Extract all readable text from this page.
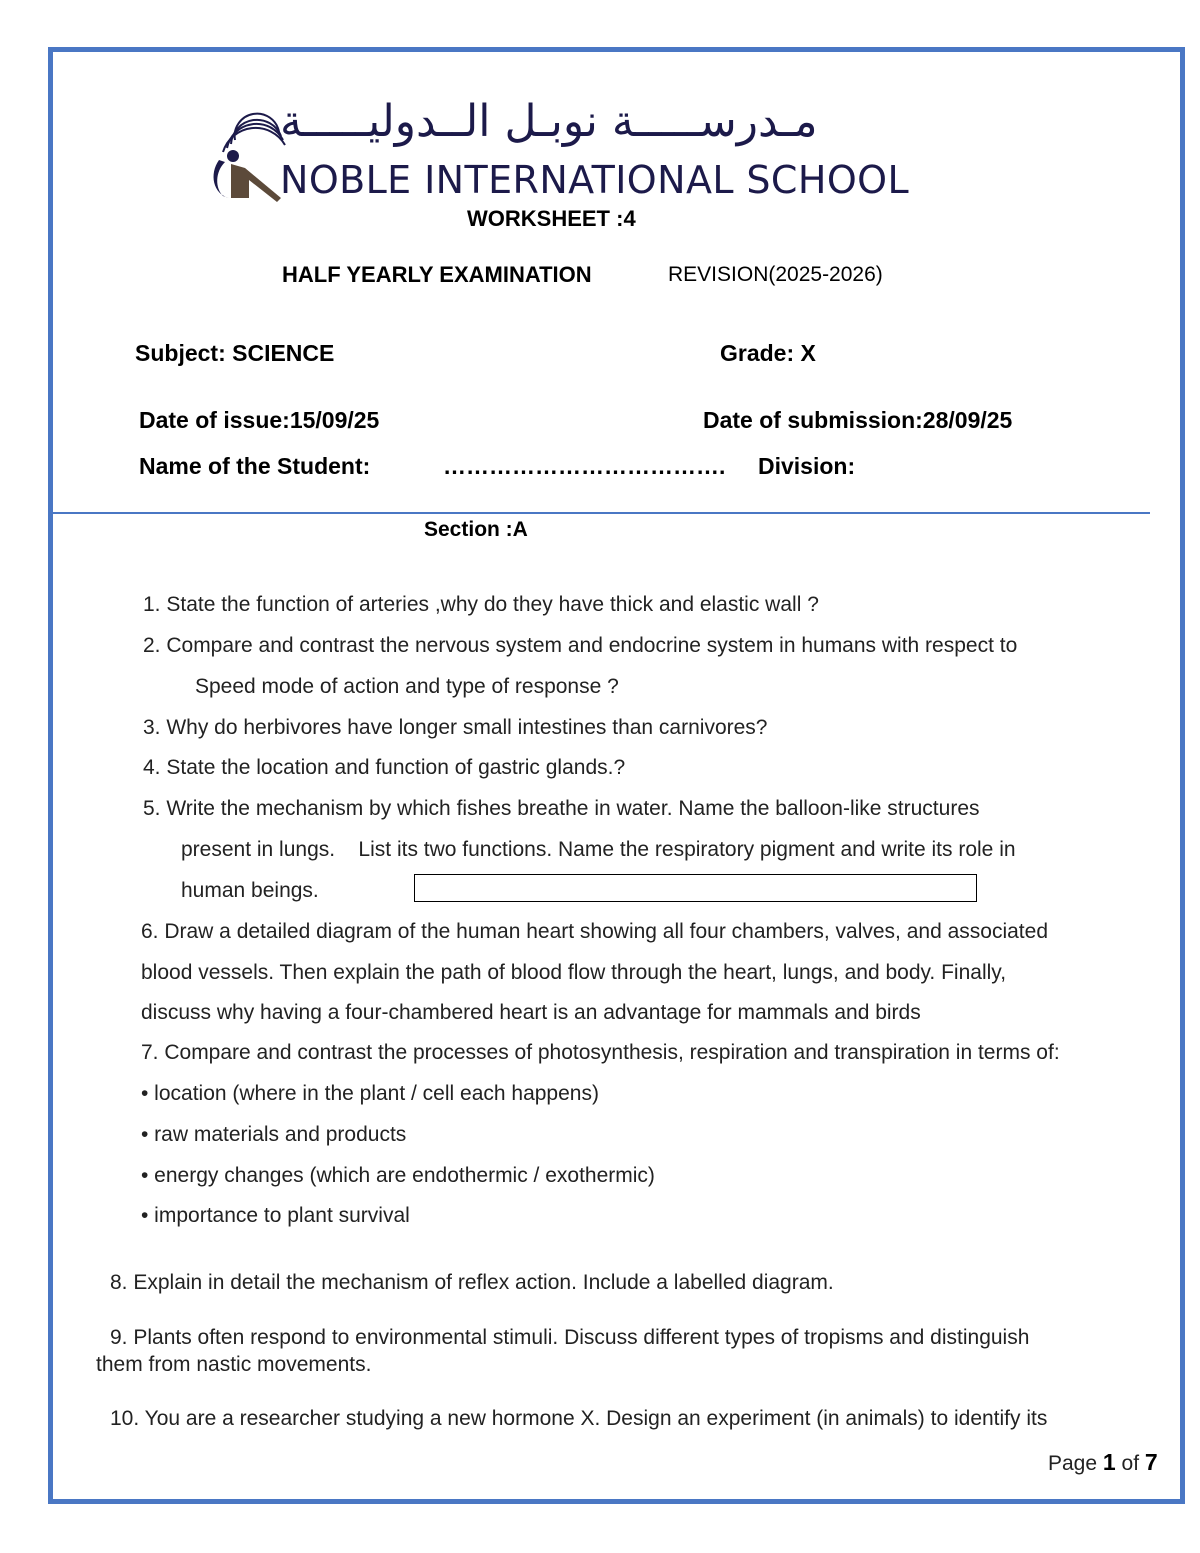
مـدرســـــة نوبـل الــدوليـــــة
NOBLE INTERNATIONAL SCHOOL
WORKSHEET :4
HALF YEARLY EXAMINATION	REVISION(2025-2026)
Subject: SCIENCE	Grade: X
Date of issue:15/09/25	Date of submission:28/09/25
Name of the Student:	………………………………. Division:
Section :A
1. State the function of arteries ,why do they have thick and elastic wall ?
2. Compare and contrast the nervous system and endocrine system in humans with respect to
Speed mode of action and type of response ?
3. Why do herbivores have longer small intestines than carnivores?
4. State the location and function of gastric glands.?
5. Write the mechanism by which fishes breathe in water. Name the balloon-like structures
present in lungs.    List its two functions. Name the respiratory pigment and write its role in
human beings.
6. Draw a detailed diagram of the human heart showing all four chambers, valves, and associated
blood vessels. Then explain the path of blood flow through the heart, lungs, and body. Finally,
discuss why having a four-chambered heart is an advantage for mammals and birds
7. Compare and contrast the processes of photosynthesis, respiration and transpiration in terms of:
• location (where in the plant / cell each happens)
• raw materials and products
• energy changes (which are endothermic / exothermic)
• importance to plant survival
8. Explain in detail the mechanism of reflex action. Include a labelled diagram.
9. Plants often respond to environmental stimuli. Discuss different types of tropisms and distinguish
them from nastic movements.
10. You are a researcher studying a new hormone X. Design an experiment (in animals) to identify its
Page 1 of 7
